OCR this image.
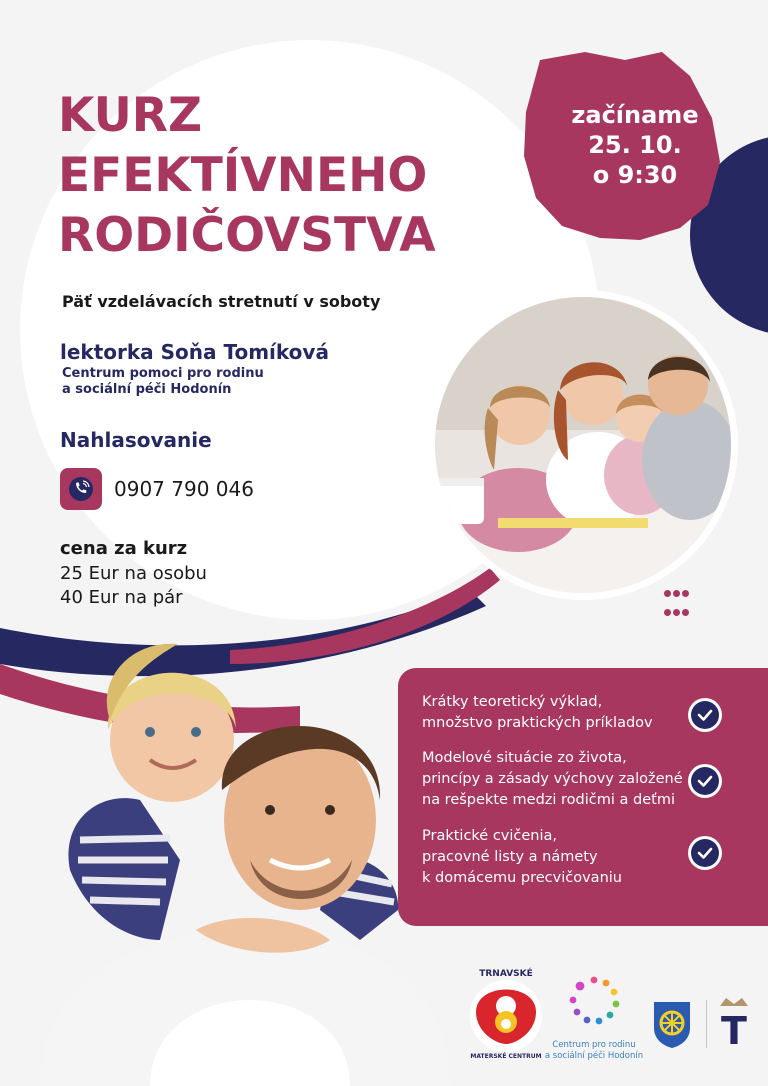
KURZ
EFEKTÍVNEHO
RODIČOVSTVA
Päť vzdelávacích stretnutí v soboty
lektorka Soňa Tomíková
Centrum pomoci pro rodinu
a sociální péči Hodonín
Nahlasovanie
0907 790 046
cena za kurz
25 Eur na osobu
40 Eur na pár
začíname
25. 10.
o 9:30

Krátky teoretický výklad,
množstvo praktických príkladov
Modelové situácie zo života,
princípy a zásady výchovy založené
na rešpekte medzi rodičmi a deťmi
Praktické cvičenia,
pracovné listy a námety
k domácemu precvičovaniu
TRNAVSKÉ
MATERSKÉ CENTRUM
Centrum pro rodinu
a sociální péči Hodonín
T
